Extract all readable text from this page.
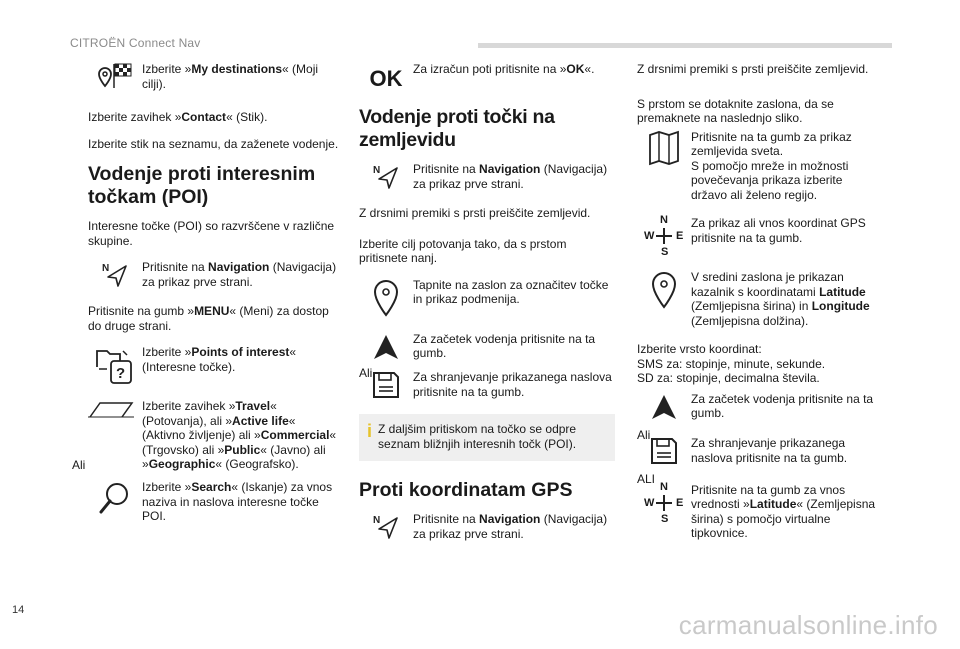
CITROËN Connect Nav
Izberite »My destinations« (Moji cilji).

Izberite zavihek »Contact« (Stik).

Izberite stik na seznamu, da zaženete vodenje.

Vodenje proti interesnim točkam (POI)

Interesne točke (POI) so razvrščene v različne skupine.

N	Pritisnite na Navigation (Navigacija) za prikaz prve strani.

Pritisnite na gumb »MENU« (Meni) za dostop do druge strani.

?
Izberite »Points of interest« (Interesne točke).
Izberite zavihek »Travel« (Potovanja), ali »Active life« (Aktivno življenje) ali »Commercial« (Trgovsko) ali »Public« (Javno) ali »Geographic« (Geografsko).
Ali
Izberite »Search« (Iskanje) za vnos naziva in naslova interesne točke POI.
OK Za izračun poti pritisnite na »OK«.
Vodenje proti točki na zemljevidu
N	Pritisnite na Navigation (Navigacija) za prikaz prve strani.

Z drsnimi premiki s prsti preiščite zemljevid.

Izberite cilj potovanja tako, da s prstom pritisnete nanj.

Tapnite na zaslon za označitev točke in prikaz podmenija.
Za začetek vodenja pritisnite na ta gumb.
Ali	Za shranjevanje prikazanega naslova pritisnite na ta gumb.
i Z daljšim pritiskom na točko se odpre seznam bližnjih interesnih točk (POI).
Proti koordinatam GPS
N	Pritisnite na Navigation (Navigacija) za prikaz prve strani.

Z drsnimi premiki s prsti preiščite zemljevid.

S prstom se dotaknite zaslona, da se premaknete na naslednjo sliko.

Pritisnite na ta gumb za prikaz zemljevida sveta.
S pomočjo mreže in možnosti povečevanja prikaza izberite državo ali želeno regijo.
N
S
W E
Za prikaz ali vnos koordinat GPS pritisnite na ta gumb.
V sredini zaslona je prikazan kazalnik s koordinatami Latitude (Zemljepisna širina) in Longitude (Zemljepisna dolžina).

Izberite vrsto koordinat:
SMS za: stopinje, minute, sekunde.
SD za: stopinje, decimalna števila.

Za začetek vodenja pritisnite na ta gumb.
Ali
Za shranjevanje prikazanega naslova pritisnite na ta gumb.
ALI
N
S
W E
Pritisnite na ta gumb za vnos vrednosti »Latitude« (Zemljepisna širina) s pomočjo virtualne tipkovnice.
14	carmanualsonline.info
